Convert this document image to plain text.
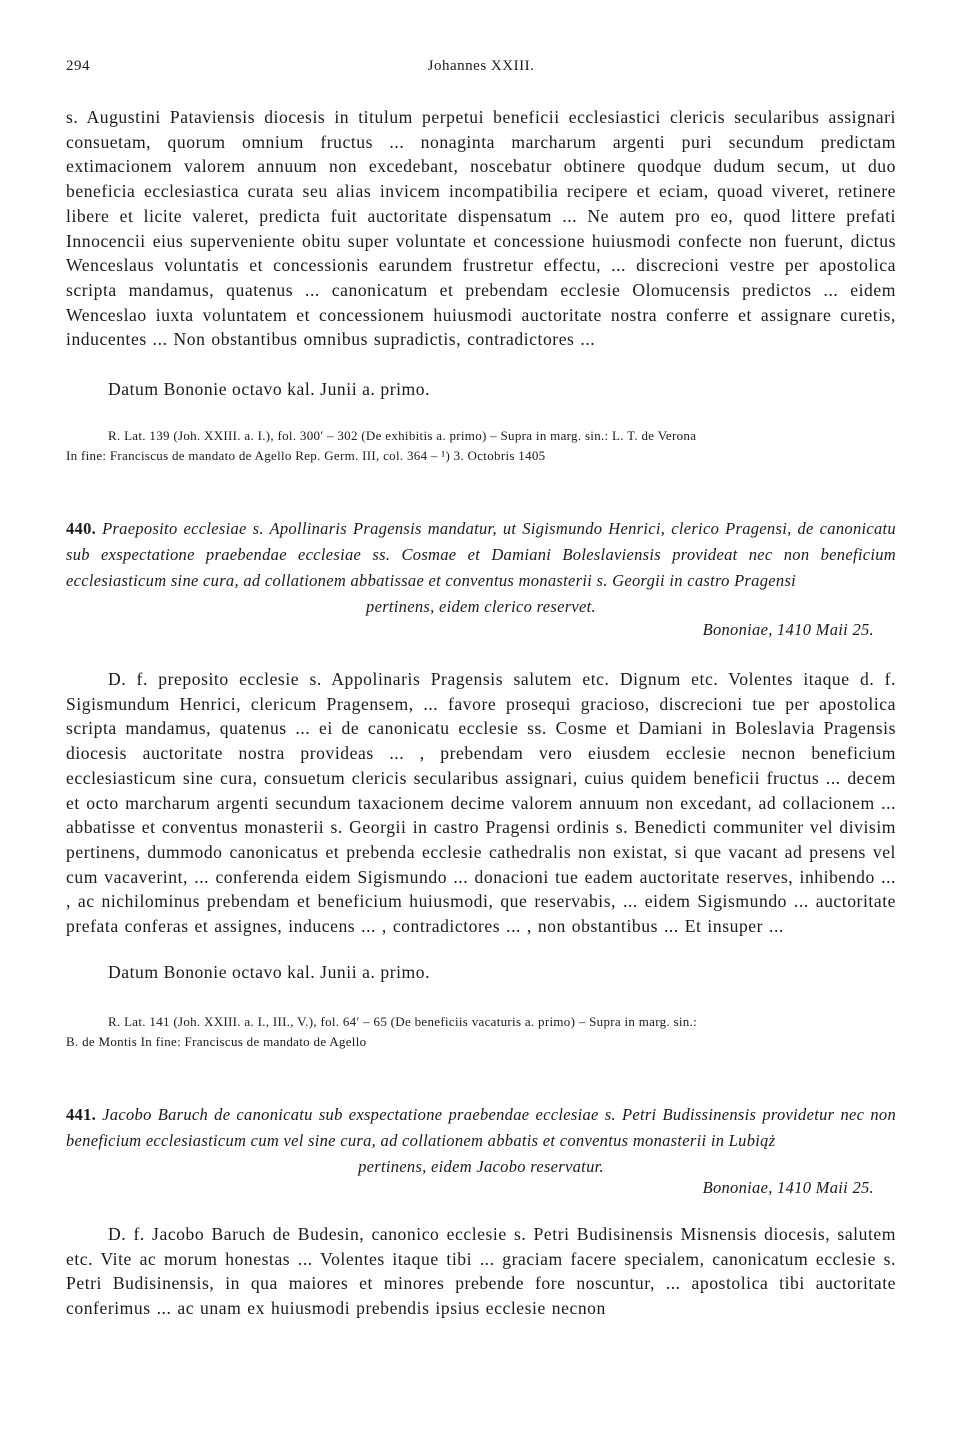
294	Johannes XXIII.

s. Augustini Pataviensis diocesis in titulum perpetui beneficii ecclesiastici clericis secularibus assignari consuetam, quorum omnium fructus ... nonaginta marcharum argenti puri secundum predictam extimacionem valorem annuum non excedebant, noscebatur obtinere quodque dudum secum, ut duo beneficia ecclesiastica curata seu alias invicem incompatibilia recipere et eciam, quoad viveret, retinere libere et licite valeret, predicta fuit auctoritate dispensatum ... Ne autem pro eo, quod littere prefati Innocencii eius superveniente obitu super voluntate et concessione huiusmodi confecte non fuerunt, dictus Wenceslaus voluntatis et concessionis earundem frustretur effectu, ... discrecioni vestre per apostolica scripta mandamus, quatenus ... canonicatum et prebendam ecclesie Olomucensis predictos ... eidem Wenceslao iuxta voluntatem et concessionem huiusmodi auctoritate nostra conferre et assignare curetis, inducentes ... Non obstantibus omnibus supradictis, contradictores ...

Datum Bononie octavo kal. Junii a. primo.
R. Lat. 139 (Joh. XXIII. a. I.), fol. 300′ – 302 (De exhibitis a. primo) – Supra in marg. sin.: L. T. de Verona
In fine: Franciscus de mandato de Agello Rep. Germ. III, col. 364 – ¹) 3. Octobris 1405
440. Praeposito ecclesiae s. Apollinaris Pragensis mandatur, ut Sigismundo Henrici, clerico Pragensi, de canonicatu sub exspectatione praebendae ecclesiae ss. Cosmae et Damiani Boleslaviensis provideat nec non beneficium ecclesiasticum sine cura, ad collationem abbatissae et conventus monasterii s. Georgii in castro Pragensi
pertinens, eidem clerico reservet.
Bononiae, 1410 Maii 25.

D. f. preposito ecclesie s. Appolinaris Pragensis salutem etc. Dignum etc. Volentes itaque d. f. Sigismundum Henrici, clericum Pragensem, ... favore prosequi gracioso, discrecioni tue per apostolica scripta mandamus, quatenus ... ei de canonicatu ecclesie ss. Cosme et Damiani in Boleslavia Pragensis diocesis auctoritate nostra provideas ... , prebendam vero eiusdem ecclesie necnon beneficium ecclesiasticum sine cura, consuetum clericis secularibus assignari, cuius quidem beneficii fructus ... decem et octo marcharum argenti secundum taxacionem decime valorem annuum non excedant, ad collacionem ... abbatisse et conventus monasterii s. Georgii in castro Pragensi ordinis s. Benedicti communiter vel divisim pertinens, dummodo canonicatus et prebenda ecclesie cathedralis non existat, si que vacant ad presens vel cum vacaverint, ... conferenda eidem Sigismundo ... donacioni tue eadem auctoritate reserves, inhibendo ... , ac nichilominus prebendam et beneficium huiusmodi, que reservabis, ... eidem Sigismundo ... auctoritate prefata conferas et assignes, inducens ... , contradictores ... , non obstantibus ... Et insuper ...

Datum Bononie octavo kal. Junii a. primo.
R. Lat. 141 (Joh. XXIII. a. I., III., V.), fol. 64′ – 65 (De beneficiis vacaturis a. primo) – Supra in marg. sin.:
B. de Montis In fine: Franciscus de mandato de Agello
441. Jacobo Baruch de canonicatu sub exspectatione praebendae ecclesiae s. Petri Budissinensis providetur nec non beneficium ecclesiasticum cum vel sine cura, ad collationem abbatis et conventus monasterii in Lubiąż
pertinens, eidem Jacobo reservatur.
Bononiae, 1410 Maii 25.

D. f. Jacobo Baruch de Budesin, canonico ecclesie s. Petri Budisinensis Misnensis diocesis, salutem etc. Vite ac morum honestas ... Volentes itaque tibi ... graciam facere specialem, canonicatum ecclesie s. Petri Budisinensis, in qua maiores et minores prebende fore noscuntur, ... apostolica tibi auctoritate conferimus ... ac unam ex huiusmodi prebendis ipsius ecclesie necnon
